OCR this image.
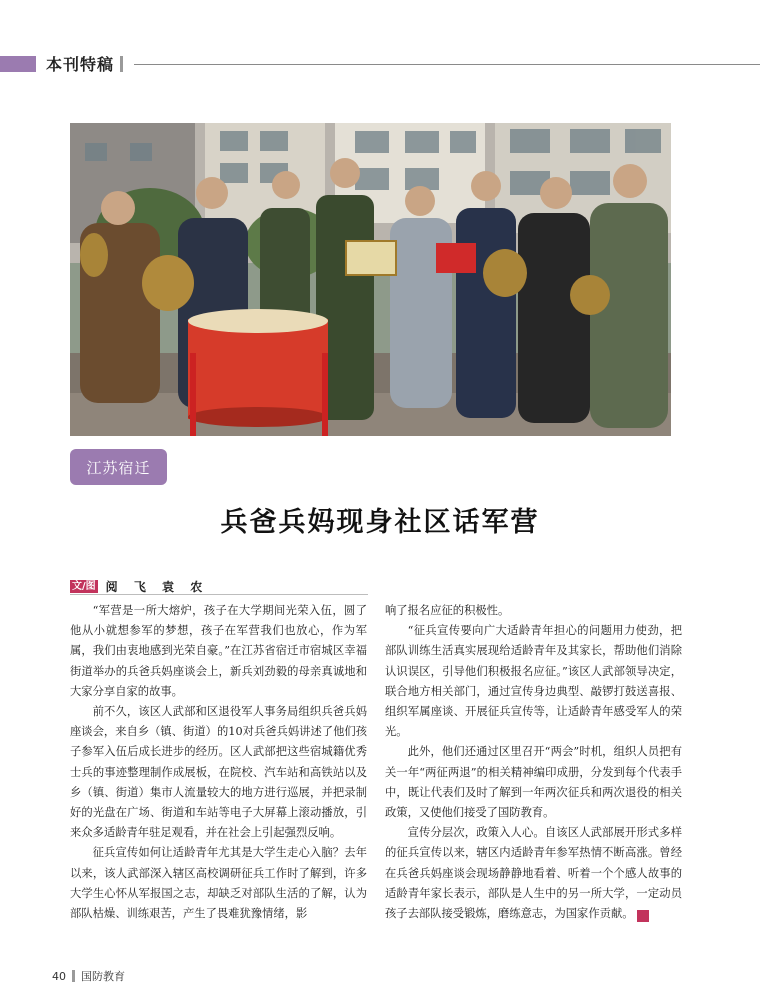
本刊特稿
江苏宿迁
兵爸兵妈现身社区话军营
文/图 阅 飞 袁 农

“军营是一所大熔炉，孩子在大学期间光荣入伍，圆了他从小就想参军的梦想，孩子在军营我们也放心，作为军属，我们由衷地感到光荣自豪。”在江苏省宿迁市宿城区幸福街道举办的兵爸兵妈座谈会上，新兵刘劲毅的母亲真诚地和大家分享自家的故事。

前不久，该区人武部和区退役军人事务局组织兵爸兵妈座谈会，来自乡（镇、街道）的10对兵爸兵妈讲述了他们孩子参军入伍后成长进步的经历。区人武部把这些宿城籍优秀士兵的事迹整理制作成展板，在院校、汽车站和高铁站以及乡（镇、街道）集市人流量较大的地方进行巡展，并把录制好的光盘在广场、街道和车站等电子大屏幕上滚动播放，引来众多适龄青年驻足观看，并在社会上引起强烈反响。

征兵宣传如何让适龄青年尤其是大学生走心入脑？去年以来，该人武部深入辖区高校调研征兵工作时了解到，许多大学生心怀从军报国之志，却缺乏对部队生活的了解，认为部队枯燥、训练艰苦，产生了畏难犹豫情绪，影

响了报名应征的积极性。

“征兵宣传要向广大适龄青年担心的问题用力使劲，把部队训练生活真实展现给适龄青年及其家长，帮助他们消除认识误区，引导他们积极报名应征。”该区人武部领导决定，联合地方相关部门，通过宣传身边典型、敲锣打鼓送喜报、组织军属座谈、开展征兵宣传等，让适龄青年感受军人的荣光。

此外，他们还通过区里召开“两会”时机，组织人员把有关一年“两征两退”的相关精神编印成册，分发到每个代表手中，既让代表们及时了解到一年两次征兵和两次退役的相关政策，又使他们接受了国防教育。

宣传分层次，政策入人心。自该区人武部展开形式多样的征兵宣传以来，辖区内适龄青年参军热情不断高涨。曾经在兵爸兵妈座谈会现场静静地看着、听着一个个感人故事的适龄青年家长表示，部队是人生中的另一所大学，一定动员孩子去部队接受锻炼，磨练意志，为国家作贡献。	G

40 国防教育
